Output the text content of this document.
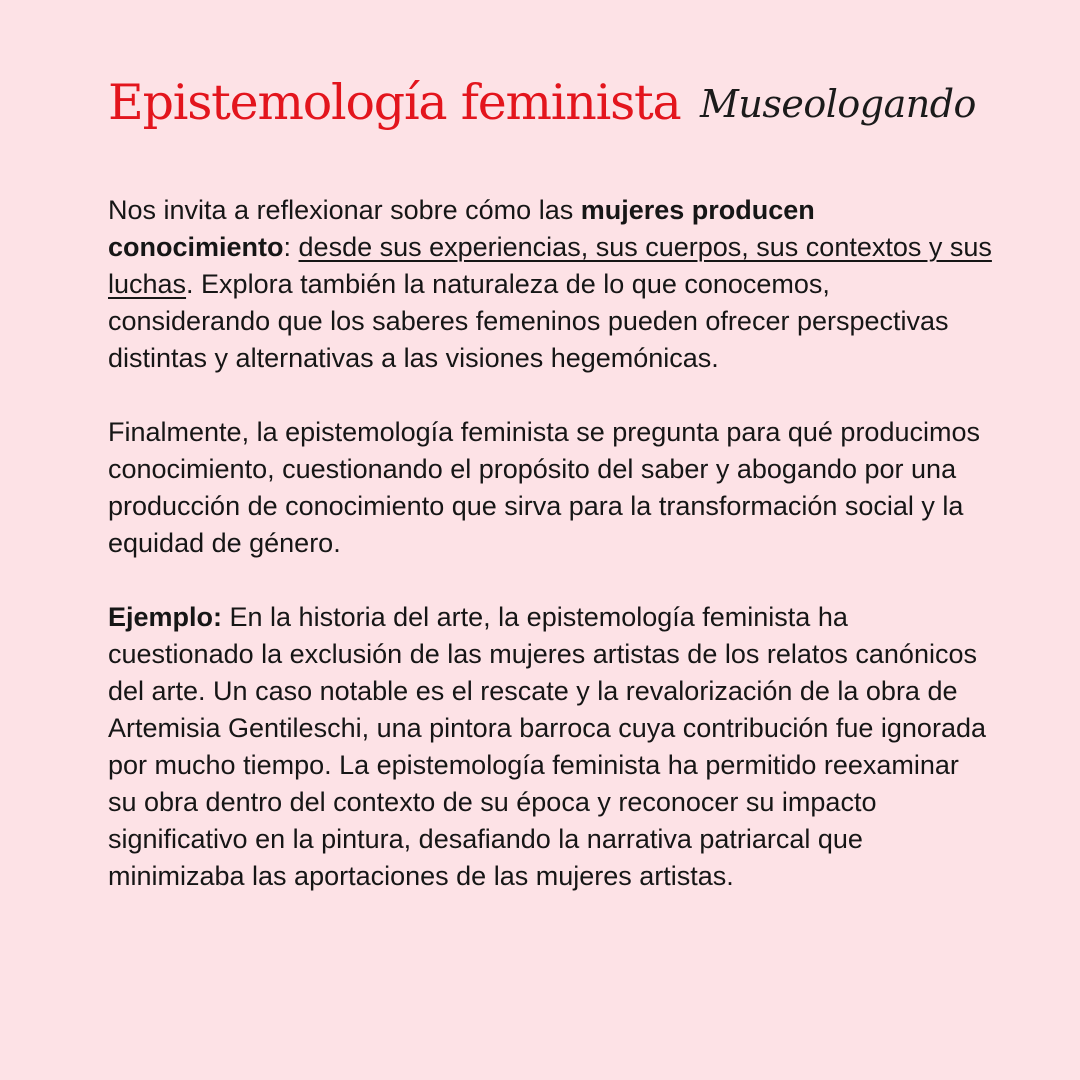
Epistemología feminista Museologando

Nos invita a reflexionar sobre cómo las mujeres producen conocimiento: desde sus experiencias, sus cuerpos, sus contextos y sus luchas. Explora también la naturaleza de lo que conocemos, considerando que los saberes femeninos pueden ofrecer perspectivas distintas y alternativas a las visiones hegemónicas.

Finalmente, la epistemología feminista se pregunta para qué producimos conocimiento, cuestionando el propósito del saber y abogando por una producción de conocimiento que sirva para la transformación social y la equidad de género.

Ejemplo: En la historia del arte, la epistemología feminista ha cuestionado la exclusión de las mujeres artistas de los relatos canónicos del arte. Un caso notable es el rescate y la revalorización de la obra de Artemisia Gentileschi, una pintora barroca cuya contribución fue ignorada por mucho tiempo. La epistemología feminista ha permitido reexaminar su obra dentro del contexto de su época y reconocer su impacto significativo en la pintura, desafiando la narrativa patriarcal que minimizaba las aportaciones de las mujeres artistas.
